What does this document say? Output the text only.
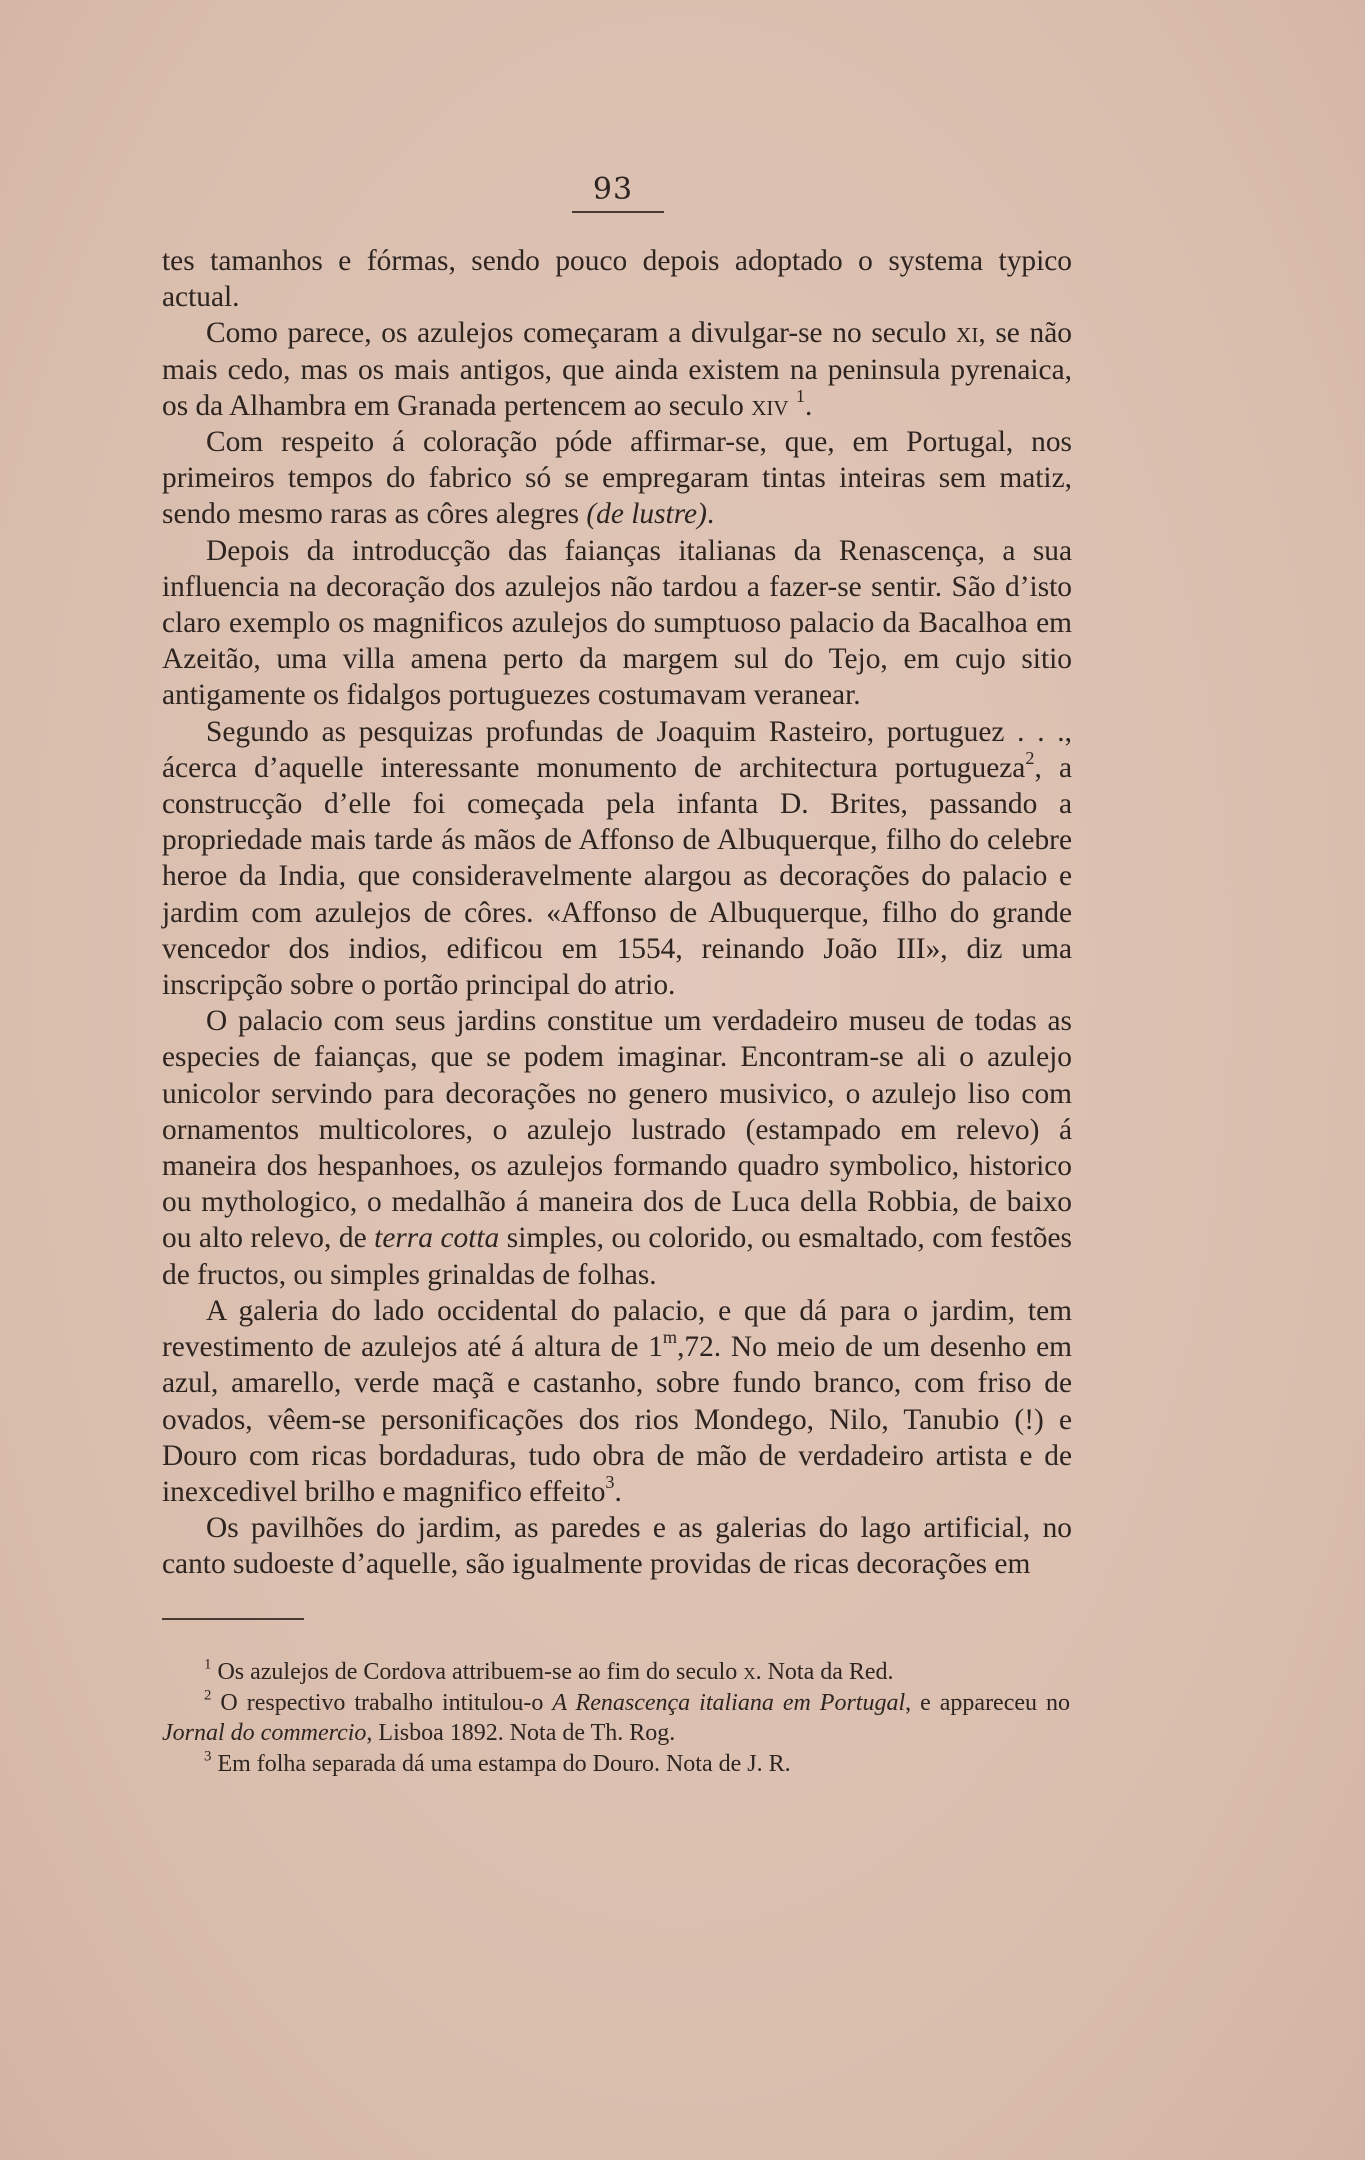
93

tes tamanhos e fórmas, sendo pouco depois adoptado o systema typico actual.

Como parece, os azulejos começaram a divulgar-se no seculo xi, se não mais cedo, mas os mais antigos, que ainda existem na peninsula pyrenaica, os da Alhambra em Granada pertencem ao seculo xiv $^1$.

Com respeito á coloração póde affirmar-se, que, em Portugal, nos primeiros tempos do fabrico só se empregaram tintas inteiras sem matiz, sendo mesmo raras as côres alegres (de lustre).

Depois da introducção das faianças italianas da Renascença, a sua influencia na decoração dos azulejos não tardou a fazer-se sentir. São d’isto claro exemplo os magnificos azulejos do sumptuoso palacio da Bacalhoa em Azeitão, uma villa amena perto da margem sul do Tejo, em cujo sitio antigamente os fidalgos portuguezes costumavam veranear.

Segundo as pesquizas profundas de Joaquim Rasteiro, portuguez . . ., ácerca d’aquelle interessante monumento de architectura portugueza$^2$, a construcção d’elle foi começada pela infanta D. Brites, passando a propriedade mais tarde ás mãos de Affonso de Albuquerque, filho do celebre heroe da India, que consideravelmente alargou as decorações do palacio e jardim com azulejos de côres. «Affonso de Albuquerque, filho do grande vencedor dos indios, edificou em 1554, reinando João III», diz uma inscripção sobre o portão principal do atrio.

O palacio com seus jardins constitue um verdadeiro museu de todas as especies de faianças, que se podem imaginar. Encontram-se ali o azulejo unicolor servindo para decorações no genero musivico, o azulejo liso com ornamentos multicolores, o azulejo lustrado (estampado em relevo) á maneira dos hespanhoes, os azulejos formando quadro symbolico, historico ou mythologico, o medalhão á maneira dos de Luca della Robbia, de baixo ou alto relevo, de terra cotta simples, ou colorido, ou esmaltado, com festões de fructos, ou simples grinaldas de folhas.

A galeria do lado occidental do palacio, e que dá para o jardim, tem revestimento de azulejos até á altura de 1$^m$,72. No meio de um desenho em azul, amarello, verde maçã e castanho, sobre fundo branco, com friso de ovados, vêem-se personificações dos rios Mondego, Nilo, Tanubio (!) e Douro com ricas bordaduras, tudo obra de mão de verdadeiro artista e de inexcedivel brilho e magnifico effeito$^3$.

Os pavilhões do jardim, as paredes e as galerias do lago artificial, no canto sudoeste d’aquelle, são igualmente providas de ricas decorações em

$^1$ Os azulejos de Cordova attribuem-se ao fim do seculo x. Nota da Red.

$^2$ O respectivo trabalho intitulou-o A Renascença italiana em Portugal, e appareceu no Jornal do commercio, Lisboa 1892. Nota de Th. Rog.

$^3$ Em folha separada dá uma estampa do Douro. Nota de J. R.
